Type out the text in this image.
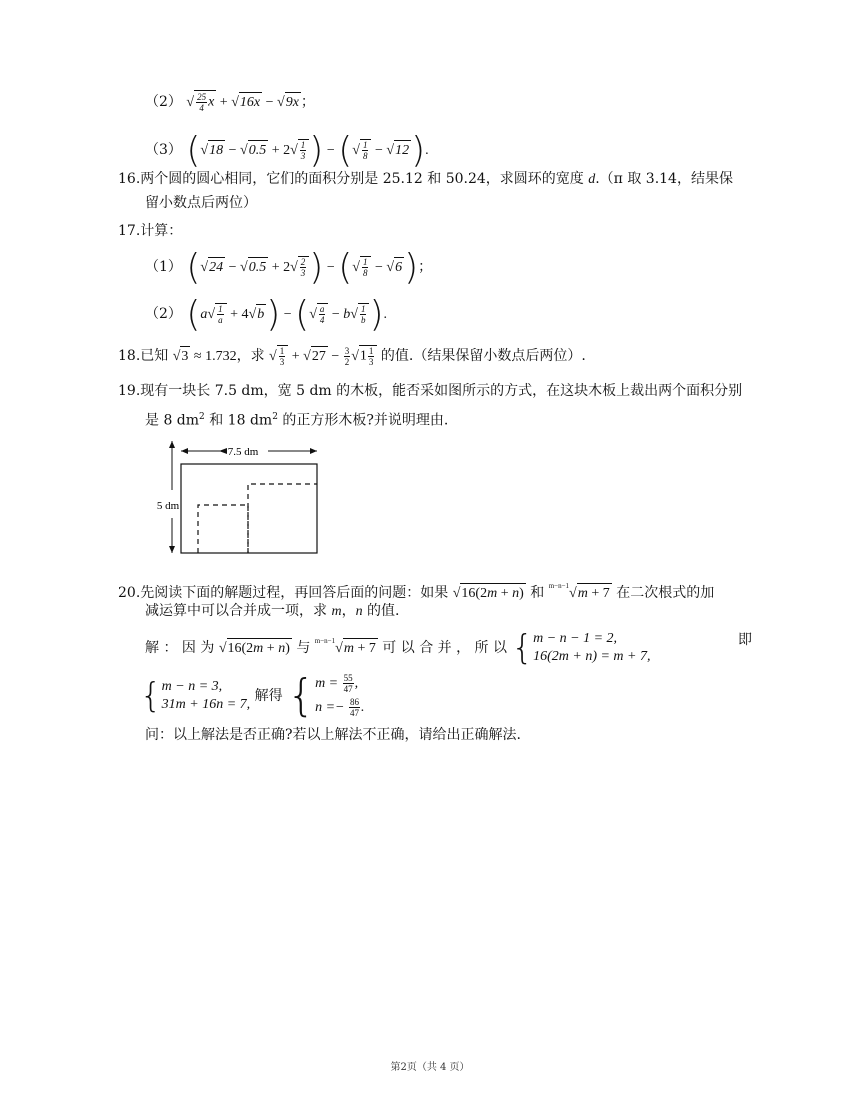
（2） √ $\frac{25}{4}$ x + √ 16x − √ 9x ；
（3） ( √ 18 − √ 0.5 + 2 √ $\frac{1}{3}$ ) − ( √ $\frac{1}{8}$ − √ 12 ).
16.两个圆的圆心相同，它们的面积分别是 25.12 和 50.24，求圆环的宽度 d.（π 取 3.14，结果保
留小数点后两位）
17.计算：
（1） ( √ 24 − √ 0.5 + 2 √ $\frac{2}{3}$ ) − ( √ $\frac{1}{8}$ − √ 6 )；
（2） (a √ $\frac{1}{a} + 4$ √ b ) − ( √ $\frac{a}{4} - b$ √ $\frac{1}{b}$ ).
18.已知 √ 3 ≈ 1.732，求 √ $\frac{1}{3}$ + √ $27 - \frac{3}{2}$ √ $1 \frac{1}{3}$ 的值.（结果保留小数点后两位）.
19.现有一块长 7.5 dm，宽 5 dm 的木板，能否采如图所示的方式，在这块木板上裁出两个面积分别
是 8 $dm^2$ 和 18 $dm^2$ 的正方形木板?并说明理由.
7.5 dm
5 dm
20.先阅读下面的解题过程，再回答后面的问题：如果 √ 16(2m + n) 和 $^{m-n-1}$ √ m + 7 在二次根式的加
减运算中可以合并成一项，求 m，n 的值.
解 ： 因 为 √ 16(2m + n) 与 $^{m-n-1}$ √ m + 7 可 以 合 并 ， 所 以 { m − n − 1 = 2,
16(2m + n) = m + 7,
即
{ m − n = 3,
31m + 16n = 7,
解得 { $m = \frac{55}{47}$ ,
$n =- \frac{86}{47}$ .
问：以上解法是否正确?若以上解法不正确，请给出正确解法.
第2页（共 4 页）
